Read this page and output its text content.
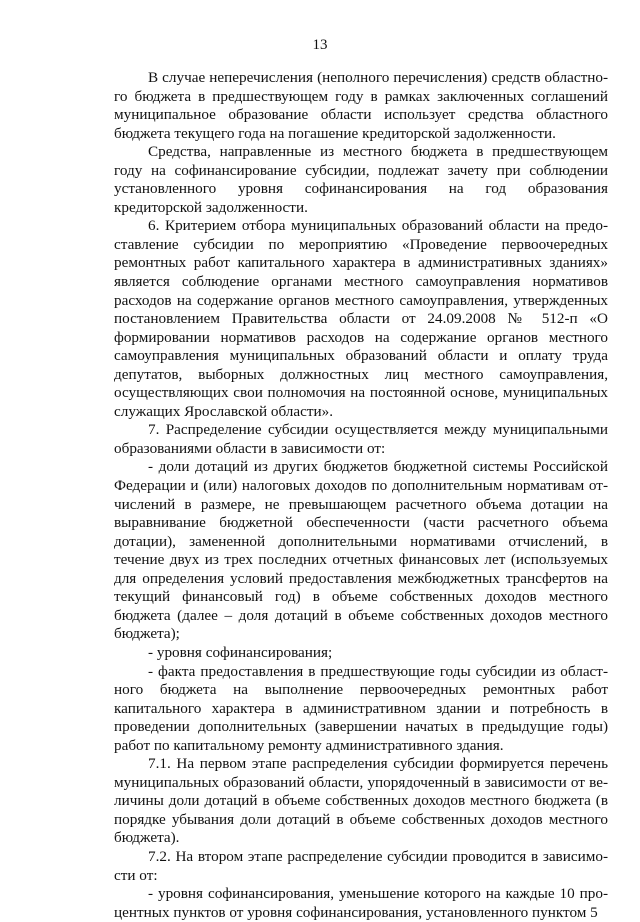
13

В случае неперечисления (неполного перечисления) средств областного бюджета в предшествующем году в рамках заключенных соглашений муниципальное образование области использует средства областного бюджета текущего года на погашение кредиторской задолженности.

Средства, направленные из местного бюджета в предшествующем году на софинансирование субсидии, подлежат зачету при соблюдении установленного уровня софинансирования на год образования кредиторской задолженности.

6. Критерием отбора муниципальных образований области на предоставление субсидии по мероприятию «Проведение первоочередных ремонтных работ капитального характера в административных зданиях» является соблюдение органами местного самоуправления нормативов расходов на содержание органов местного самоуправления, утвержденных постановлением Правительства области от 24.09.2008 № 512-п «О формировании нормативов расходов на содержание органов местного самоуправления муниципальных образований области и оплату труда депутатов, выборных должностных лиц местного самоуправления, осуществляющих свои полномочия на постоянной основе, муниципальных служащих Ярославской области».

7. Распределение субсидии осуществляется между муниципальными образованиями области в зависимости от:

- доли дотаций из других бюджетов бюджетной системы Российской Федерации и (или) налоговых доходов по дополнительным нормативам отчислений в размере, не превышающем расчетного объема дотации на выравнивание бюджетной обеспеченности (части расчетного объема дотации), замененной дополнительными нормативами отчислений, в течение двух из трех последних отчетных финансовых лет (используемых для определения условий предоставления межбюджетных трансфертов на текущий финансовый год) в объеме собственных доходов местного бюджета (далее – доля дотаций в объеме собственных доходов местного бюджета);

- уровня софинансирования;

- факта предоставления в предшествующие годы субсидии из областного бюджета на выполнение первоочередных ремонтных работ капитального характера в административном здании и потребность в проведении дополнительных (завершении начатых в предыдущие годы) работ по капитальному ремонту административного здания.

7.1. На первом этапе распределения субсидии формируется перечень муниципальных образований области, упорядоченный в зависимости от величины доли дотаций в объеме собственных доходов местного бюджета (в порядке убывания доли дотаций в объеме собственных доходов местного бюджета).

7.2. На втором этапе распределение субсидии проводится в зависимости от:

- уровня софинансирования, уменьшение которого на каждые 10 процентных пунктов от уровня софинансирования, установленного пунктом 5
